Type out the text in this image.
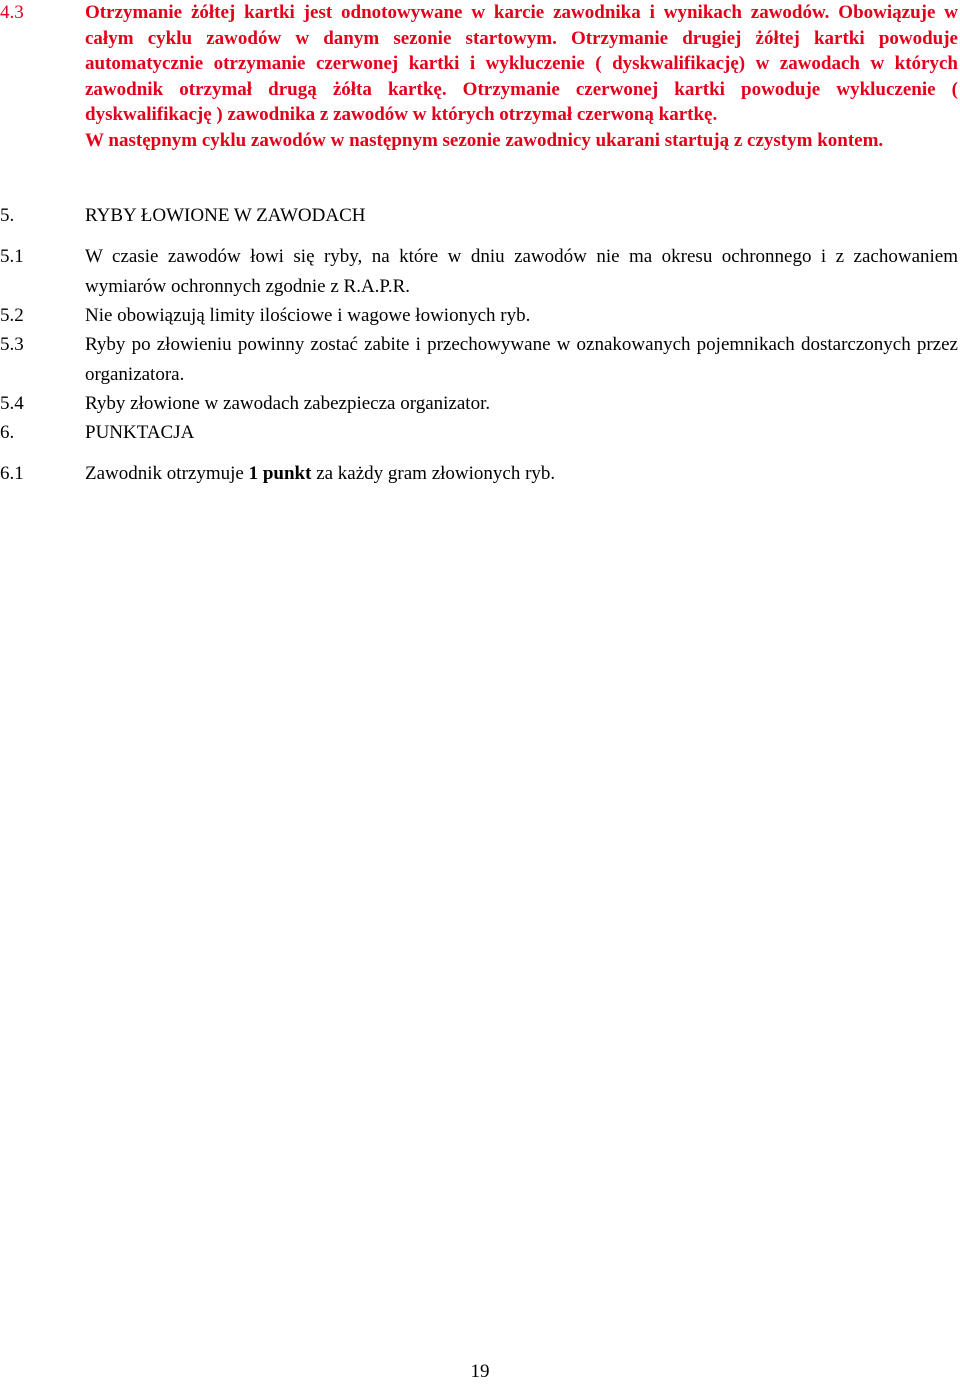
4.3	Otrzymanie żółtej kartki jest odnotowywane w karcie zawodnika i wynikach zawodów. Obowiązuje w całym cyklu zawodów w danym sezonie startowym. Otrzymanie drugiej żółtej kartki powoduje automatycznie otrzymanie czerwonej kartki i wykluczenie ( dyskwalifikację) w zawodach w których zawodnik otrzymał drugą żółta kartkę. Otrzymanie czerwonej kartki powoduje wykluczenie ( dyskwalifikację ) zawodnika z zawodów w których otrzymał czerwoną kartkę.
W następnym cyklu zawodów w następnym sezonie zawodnicy ukarani startują z czystym kontem.
5.	RYBY ŁOWIONE W ZAWODACH
5.1	W czasie zawodów łowi się ryby, na które w dniu zawodów nie ma okresu ochronnego i z zachowaniem wymiarów ochronnych zgodnie z R.A.P.R.
5.2	Nie obowiązują limity ilościowe i wagowe łowionych ryb.
5.3	Ryby po złowieniu powinny zostać zabite i przechowywane w oznakowanych pojemnikach dostarczonych przez organizatora.
5.4	Ryby złowione w zawodach zabezpiecza organizator.
6.	PUNKTACJA
6.1	Zawodnik otrzymuje 1 punkt za każdy gram złowionych ryb.
19
